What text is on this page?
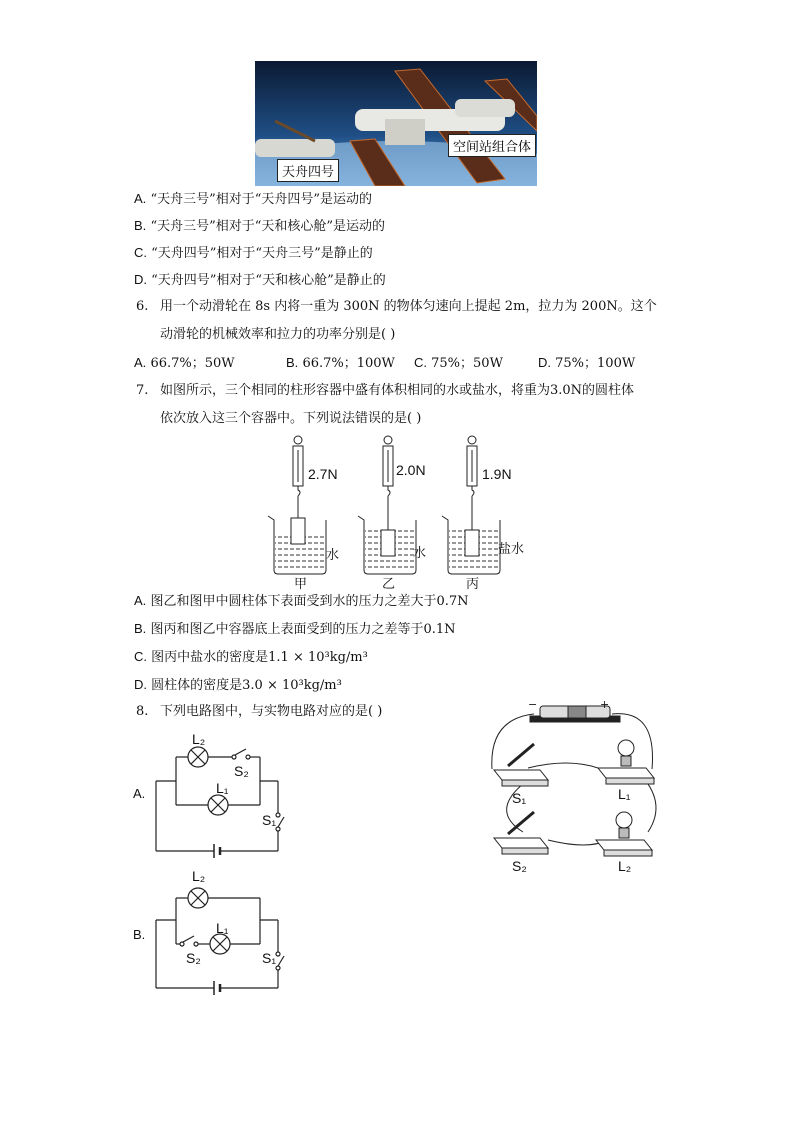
天舟四号
空间站组合体
A. “天舟三号”相对于“天舟四号”是运动的
B. “天舟三号”相对于“天和核心舱”是运动的
C. “天舟四号”相对于“天舟三号”是静止的
D. “天舟四号”相对于“天和核心舱”是静止的
6. 用一个动滑轮在 8s 内将一重为 300N 的物体匀速向上提起 2m，拉力为 200N。这个
动滑轮的机械效率和拉力的功率分别是( )
A. 66.7%；50W	B. 66.7%；100W C. 75%；50W	D. 75%；100W
7. 如图所示，三个相同的柱形容器中盛有体积相同的水或盐水，将重为3.0N的圆柱体
依次放入这三个容器中。下列说法错误的是( )
2.7N	2.0N	1.9N
水	水	盐水
甲	乙	丙
A. 图乙和图甲中圆柱体下表面受到水的压力之差大于0.7N
B. 图丙和图乙中容器底上表面受到的压力之差等于0.1N
C. 图丙中盐水的密度是1.1 × 10³kg/m³
D. 圆柱体的密度是3.0 × 10³kg/m³
8. 下列电路图中，与实物电路对应的是( )
A.
L₂
S₂
L₁
S₁
B.
L₂
L₁
S₂	S₁
−	+
S₁	L₁
S₂	L₂
